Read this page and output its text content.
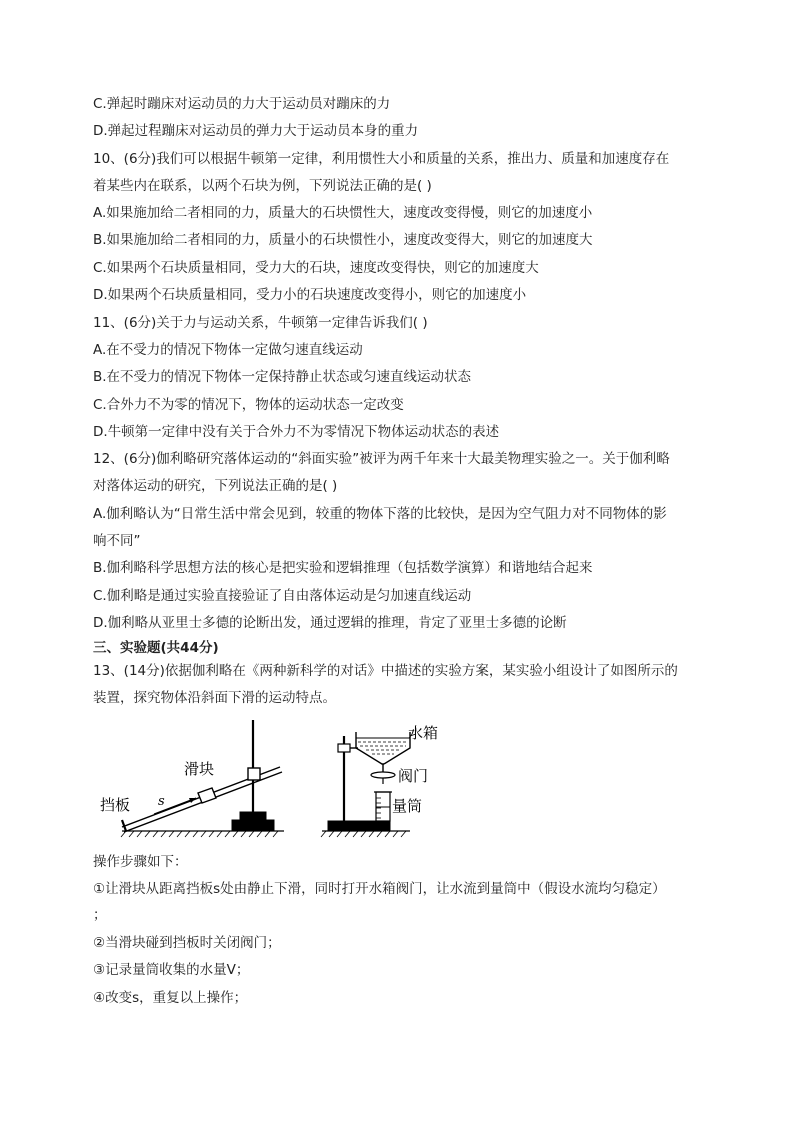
C.弹起时蹦床对运动员的力大于运动员对蹦床的力
D.弹起过程蹦床对运动员的弹力大于运动员本身的重力
10、(6分)我们可以根据牛顿第一定律，利用惯性大小和质量的关系，推出力、质量和加速度存在
着某些内在联系，以两个石块为例，下列说法正确的是( )
A.如果施加给二者相同的力，质量大的石块惯性大，速度改变得慢，则它的加速度小
B.如果施加给二者相同的力，质量小的石块惯性小，速度改变得大，则它的加速度大
C.如果两个石块质量相同，受力大的石块，速度改变得快，则它的加速度大
D.如果两个石块质量相同，受力小的石块速度改变得小，则它的加速度小
11、(6分)关于力与运动关系，牛顿第一定律告诉我们( )
A.在不受力的情况下物体一定做匀速直线运动
B.在不受力的情况下物体一定保持静止状态或匀速直线运动状态
C.合外力不为零的情况下，物体的运动状态一定改变
D.牛顿第一定律中没有关于合外力不为零情况下物体运动状态的表述
12、(6分)伽利略研究落体运动的“斜面实验”被评为两千年来十大最美物理实验之一。关于伽利略
对落体运动的研究，下列说法正确的是( )
A.伽利略认为“日常生活中常会见到，较重的物体下落的比较快，是因为空气阻力对不同物体的影
响不同”
B.伽利略科学思想方法的核心是把实验和逻辑推理（包括数学演算）和谐地结合起来
C.伽利略是通过实验直接验证了自由落体运动是匀加速直线运动
D.伽利略从亚里士多德的论断出发，通过逻辑的推理，肯定了亚里士多德的论断
三、实验题(共44分)
13、(14分)依据伽利略在《两种新科学的对话》中描述的实验方案，某实验小组设计了如图所示的
装置，探究物体沿斜面下滑的运动特点。
滑块
挡板 s
水箱
阀门
量筒
操作步骤如下：
①让滑块从距离挡板s处由静止下滑，同时打开水箱阀门，让水流到量筒中（假设水流均匀稳定）
；
②当滑块碰到挡板时关闭阀门；
③记录量筒收集的水量V；
④改变s，重复以上操作；
